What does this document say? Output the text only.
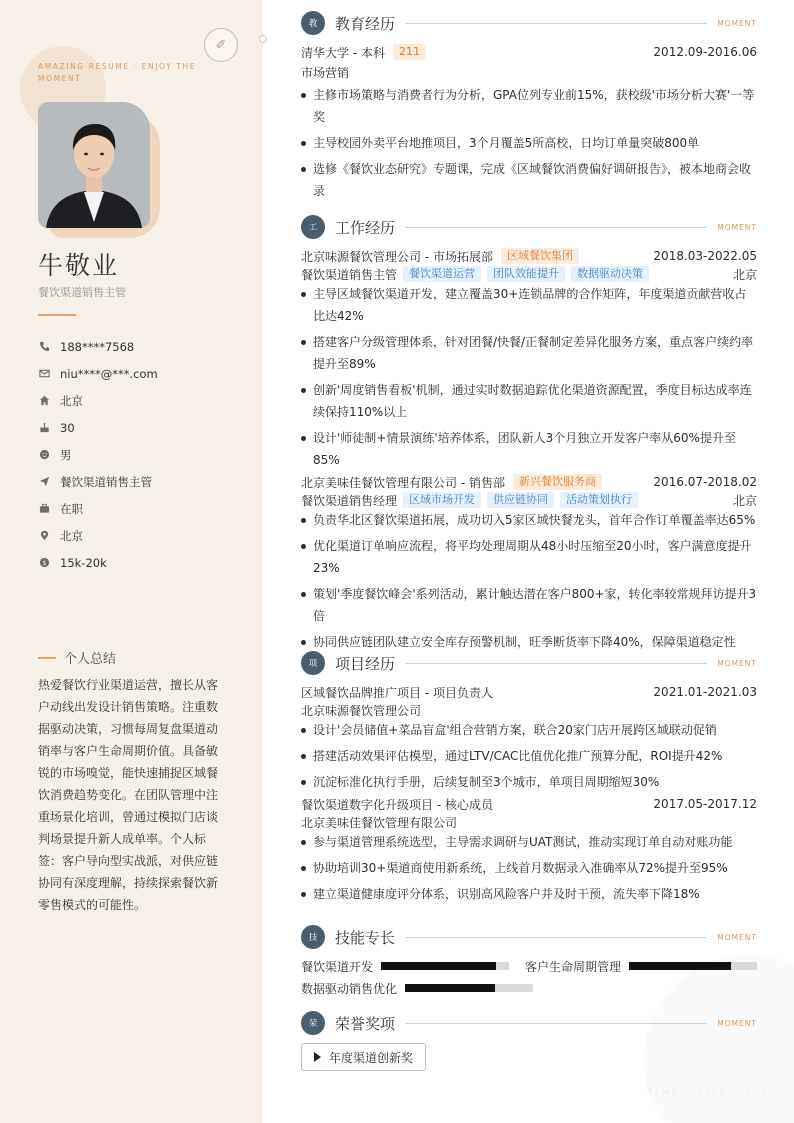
✐
AMAZING RESUME · ENJOY THE MOMENT
牛敬业
餐饮渠道销售主管
188****7568
niu****@***.com
北京
30
男
餐饮渠道销售主管
在职
北京
$ 15k-20k
个人总结

热爱餐饮行业渠道运营，擅长从客户动线出发设计销售策略。注重数据驱动决策，习惯每周复盘渠道动销率与客户生命周期价值。具备敏锐的市场嗅觉，能快速捕捉区域餐饮消费趋势变化。在团队管理中注重场景化培训，曾通过模拟门店谈判场景提升新人成单率。个人标签：客户导向型实战派，对供应链协同有深度理解，持续探索餐饮新零售模式的可能性。

TIME · LIFE · JOY
教	教育经历	MOMENT
清华大学 - 本科	211	2012.09-2016.06
市场营销
主修市场策略与消费者行为分析，GPA位列专业前15%，获校级'市场分析大赛'一等奖
主导校园外卖平台地推项目，3个月覆盖5所高校，日均订单量突破800单
选修《餐饮业态研究》专题课，完成《区域餐饮消费偏好调研报告》，被本地商会收录
工	工作经历	MOMENT
北京味源餐饮管理公司 - 市场拓展部	区域餐饮集团	2018.03-2022.05
餐饮渠道销售主管	餐饮渠道运营	团队效能提升	数据驱动决策	北京
主导区域餐饮渠道开发，建立覆盖30+连锁品牌的合作矩阵，年度渠道贡献营收占比达42%
搭建客户分级管理体系，针对团餐/快餐/正餐制定差异化服务方案，重点客户续约率提升至89%
创新'周度销售看板'机制，通过实时数据追踪优化渠道资源配置，季度目标达成率连续保持110%以上
设计'师徒制+情景演练'培养体系，团队新人3个月独立开发客户率从60%提升至85%
北京美味佳餐饮管理有限公司 - 销售部	新兴餐饮服务商	2016.07-2018.02
餐饮渠道销售经理	区域市场开发	供应链协同	活动策划执行	北京
负责华北区餐饮渠道拓展，成功切入5家区域快餐龙头，首年合作订单覆盖率达65%
优化渠道订单响应流程，将平均处理周期从48小时压缩至20小时，客户满意度提升23%
策划'季度餐饮峰会'系列活动，累计触达潜在客户800+家，转化率较常规拜访提升3倍
协同供应链团队建立安全库存预警机制，旺季断货率下降40%，保障渠道稳定性
项	项目经历	MOMENT
区域餐饮品牌推广项目 - 项目负责人	2021.01-2021.03
北京味源餐饮管理公司
设计'会员储值+菜品盲盒'组合营销方案，联合20家门店开展跨区域联动促销
搭建活动效果评估模型，通过LTV/CAC比值优化推广预算分配，ROI提升42%
沉淀标准化执行手册，后续复制至3个城市，单项目周期缩短30%
餐饮渠道数字化升级项目 - 核心成员	2017.05-2017.12
北京美味佳餐饮管理有限公司
参与渠道管理系统选型，主导需求调研与UAT测试，推动实现订单自动对账功能
协助培训30+渠道商使用新系统，上线首月数据录入准确率从72%提升至95%
建立渠道健康度评分体系，识别高风险客户并及时干预，流失率下降18%
技	技能专长	MOMENT
餐饮渠道开发	客户生命周期管理
数据驱动销售优化
荣	荣誉奖项	MOMENT
年度渠道创新奖
